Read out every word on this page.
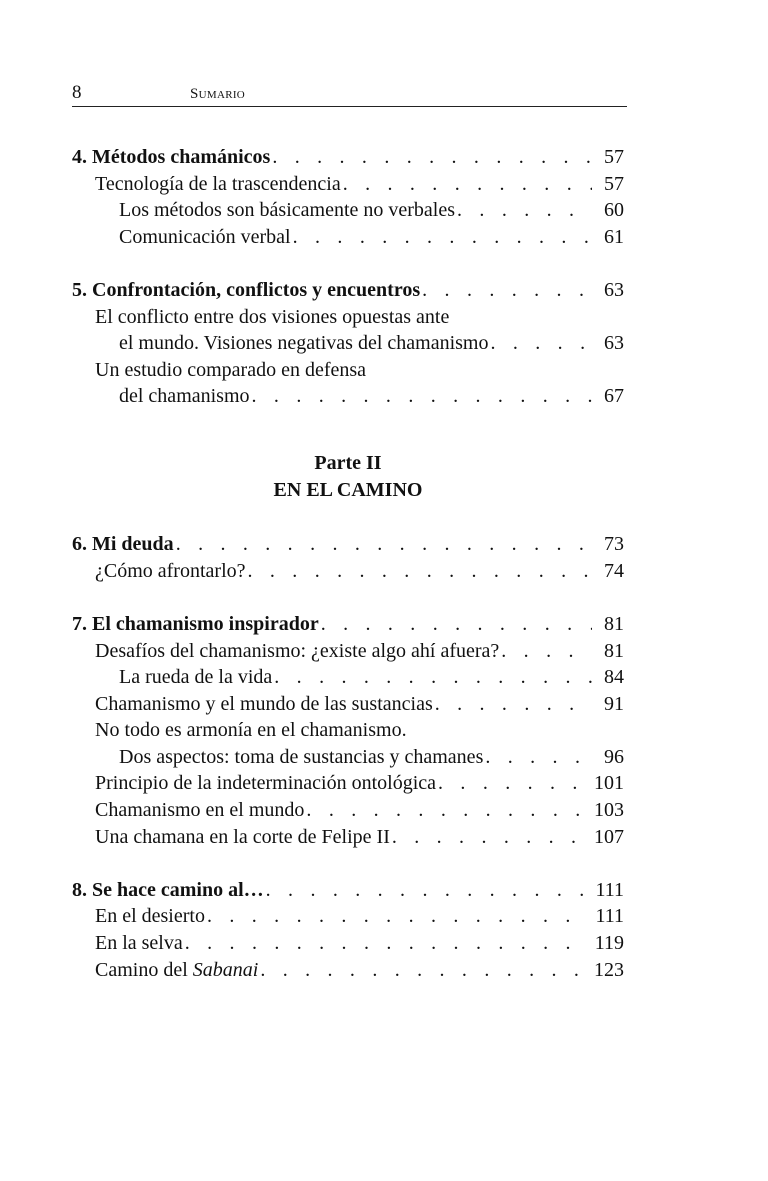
8	Sumario
4. Métodos chamánicos . . .	57
Tecnología de la trascendencia . . .	57
Los métodos son básicamente no verbales . . .	60
Comunicación verbal . . .	61
5. Confrontación, conflictos y encuentros . . .	63
El conflicto entre dos visiones opuestas ante
el mundo. Visiones negativas del chamanismo . . .	63
Un estudio comparado en defensa
del chamanismo . . .	67
Parte II
EN EL CAMINO
6. Mi deuda . . .	73
¿Cómo afrontarlo? . . .	74
7. El chamanismo inspirador . . .	81
Desafíos del chamanismo: ¿existe algo ahí afuera? . . .	81
La rueda de la vida . . .	84
Chamanismo y el mundo de las sustancias . . .	91
No todo es armonía en el chamanismo.
Dos aspectos: toma de sustancias y chamanes . . .	96
Principio de la indeterminación ontológica . . .	101
Chamanismo en el mundo . . .	103
Una chamana en la corte de Felipe II . . .	107
8. Se hace camino al… . . .	111
En el desierto . . .	111
En la selva . . .	119
Camino del Sabanai . . .	123
